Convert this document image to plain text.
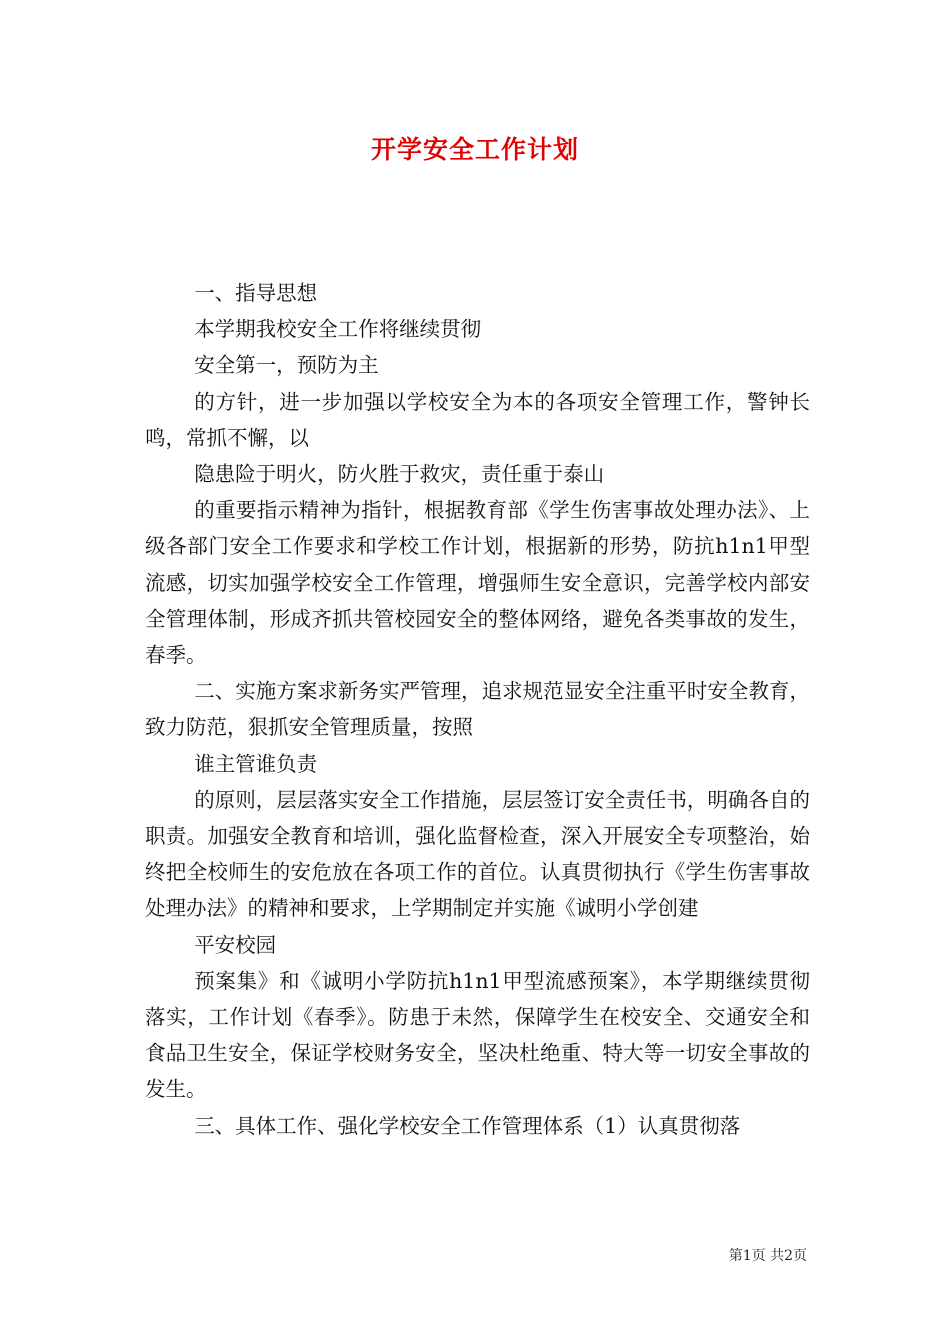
开学安全工作计划

一、指导思想

本学期我校安全工作将继续贯彻

安全第一，预防为主

的方针，进一步加强以学校安全为本的各项安全管理工作，警钟长鸣，常抓不懈，以

隐患险于明火，防火胜于救灾，责任重于泰山

的重要指示精神为指针，根据教育部《学生伤害事故处理办法》、上级各部门安全工作要求和学校工作计划，根据新的形势，防抗h1n1甲型流感，切实加强学校安全工作管理，增强师生安全意识，完善学校内部安全管理体制，形成齐抓共管校园安全的整体网络，避免各类事故的发生，春季。

二、实施方案求新务实严管理，追求规范显安全注重平时安全教育，致力防范，狠抓安全管理质量，按照

谁主管谁负责

的原则，层层落实安全工作措施，层层签订安全责任书，明确各自的职责。加强安全教育和培训，强化监督检查，深入开展安全专项整治，始终把全校师生的安危放在各项工作的首位。认真贯彻执行《学生伤害事故处理办法》的精神和要求，上学期制定并实施《诚明小学创建

平安校园

预案集》和《诚明小学防抗h1n1甲型流感预案》，本学期继续贯彻落实，工作计划《春季》。防患于未然，保障学生在校安全、交通安全和食品卫生安全，保证学校财务安全，坚决杜绝重、特大等一切安全事故的发生。

三、具体工作、强化学校安全工作管理体系（1）认真贯彻落

第1页 共2页
